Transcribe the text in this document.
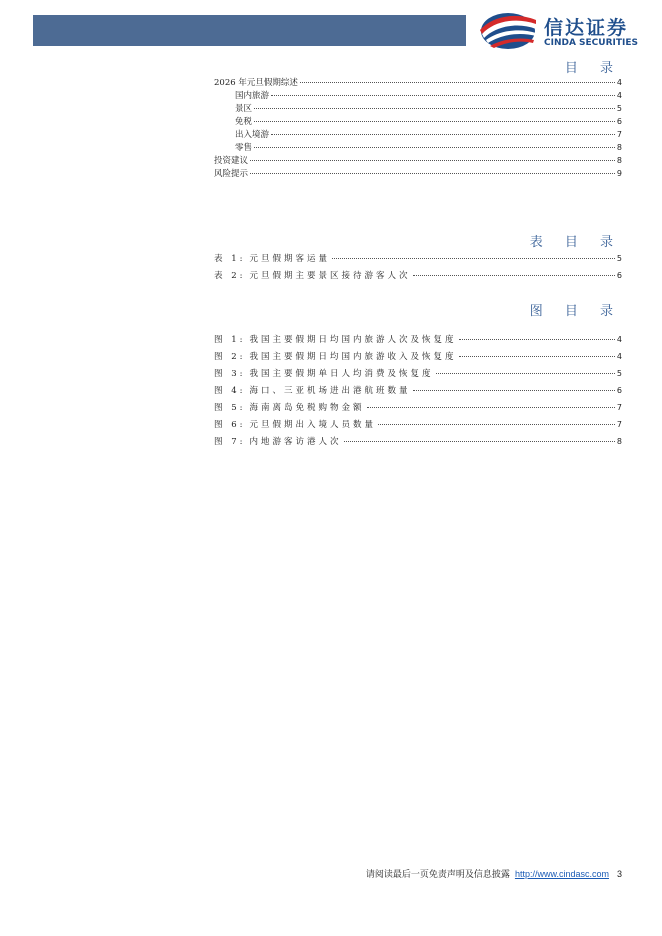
信达证券
CINDA SECURITIES
目 录
2026 年元旦假期综述	4
国内旅游	4
景区	5
免税	6
出入境游	7
零售	8
投资建议	8
风险提示	9
表 目 录
表 1: 元旦假期客运量	5
表 2: 元旦假期主要景区接待游客人次	6
图 目 录
图 1: 我国主要假期日均国内旅游人次及恢复度	4
图 2: 我国主要假期日均国内旅游收入及恢复度	4
图 3: 我国主要假期单日人均消费及恢复度	5
图 4: 海口、三亚机场进出港航班数量	6
图 5: 海南离岛免税购物金额	7
图 6: 元旦假期出入境人员数量	7
图 7: 内地游客访港人次	8
请阅读最后一页免责声明及信息披露 http://www.cindasc.com 3
